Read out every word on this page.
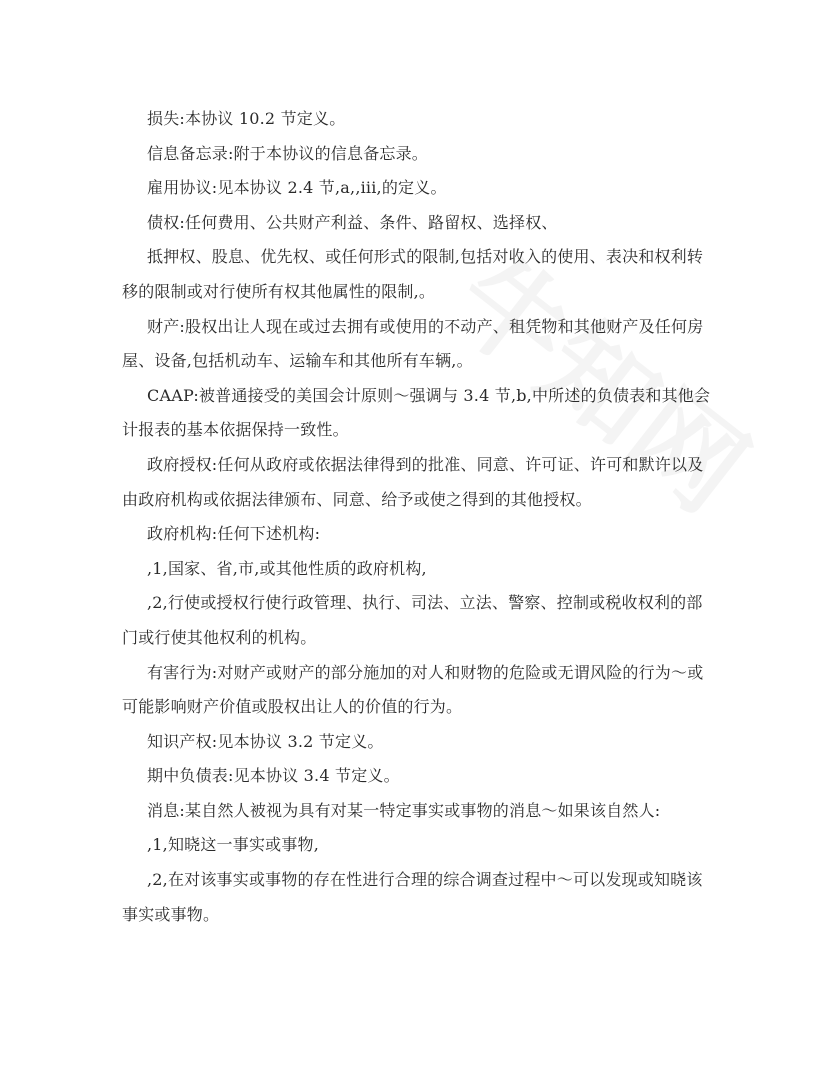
损失:本协议 10.2 节定义。

信息备忘录:附于本协议的信息备忘录。

雇用协议:见本协议 2.4 节,a,,iii,的定义。

债权:任何费用、公共财产利益、条件、路留权、选择权、

抵押权、股息、优先权、或任何形式的限制,包括对收入的使用、表决和权利转

移的限制或对行使所有权其他属性的限制,。

财产:股权出让人现在或过去拥有或使用的不动产、租凭物和其他财产及任何房

屋、设备,包括机动车、运输车和其他所有车辆,。

CAAP:被普通接受的美国会计原则～强调与 3.4 节,b,中所述的负债表和其他会

计报表的基本依据保持一致性。

政府授权:任何从政府或依据法律得到的批准、同意、许可证、许可和默许以及

由政府机构或依据法律颁布、同意、给予或使之得到的其他授权。

政府机构:任何下述机构:

,1,国家、省,市,或其他性质的政府机构,

,2,行使或授权行使行政管理、执行、司法、立法、警察、控制或税收权利的部

门或行使其他权利的机构。

有害行为:对财产或财产的部分施加的对人和财物的危险或无谓风险的行为～或

可能影响财产价值或股权出让人的价值的行为。

知识产权:见本协议 3.2 节定义。

期中负债表:见本协议 3.4 节定义。

消息:某自然人被视为具有对某一特定事实或事物的消息～如果该自然人:

,1,知晓这一事实或事物,

,2,在对该事实或事物的存在性进行合理的综合调查过程中～可以发现或知晓该

事实或事物。
